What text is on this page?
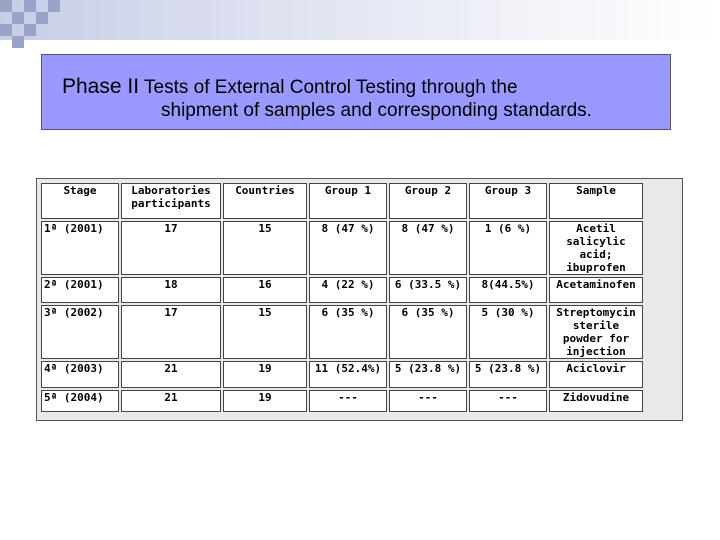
Phase II Tests of External Control Testing through the
shipment of samples and corresponding standards.
Stage	Laboratories participants	Countries	Group 1	Group 2	Group 3	Sample
1ª (2001)	17	15	8 (47 %)	8 (47 %)	1 (6 %)	Acetil salicylic acid; ibuprofen
2ª (2001)	18	16	4 (22 %)	6 (33.5 %)	8(44.5%)	Acetaminofen
3ª (2002)	17	15	6 (35 %)	6 (35 %)	5 (30 %)	Streptomycin sterile powder for injection
4ª (2003)	21	19	11 (52.4%)	5 (23.8 %)	5 (23.8 %)	Aciclovir
5ª (2004)	21	19	---	---	---	Zidovudine
